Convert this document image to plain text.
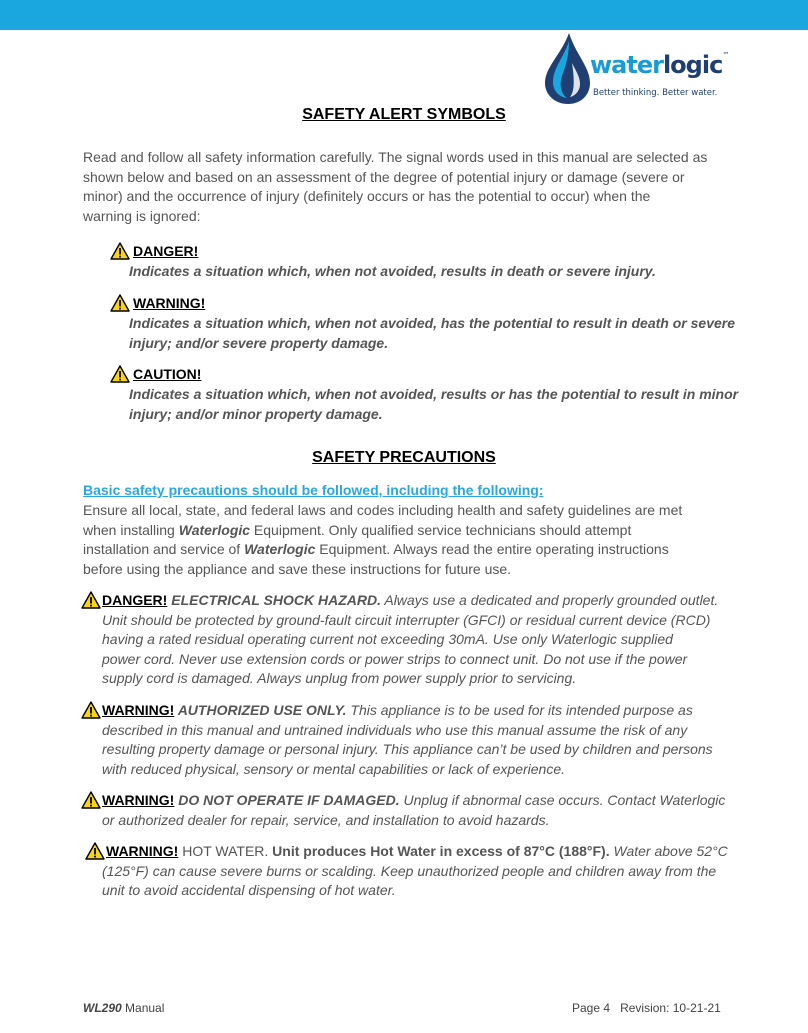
waterlogic™
Better thinking. Better water.
SAFETY ALERT SYMBOLS
Read and follow all safety information carefully. The signal words used in this manual are selected as
shown below and based on an assessment of the degree of potential injury or damage (severe or
minor) and the occurrence of injury (definitely occurs or has the potential to occur) when the
warning is ignored:
DANGER!
Indicates a situation which, when not avoided, results in death or severe injury.
WARNING!
Indicates a situation which, when not avoided, has the potential to result in death or severe
injury; and/or severe property damage.
CAUTION!
Indicates a situation which, when not avoided, results or has the potential to result in minor
injury; and/or minor property damage.
SAFETY PRECAUTIONS
Basic safety precautions should be followed, including the following:
Ensure all local, state, and federal laws and codes including health and safety guidelines are met
when installing Waterlogic Equipment. Only qualified service technicians should attempt
installation and service of Waterlogic Equipment. Always read the entire operating instructions
before using the appliance and save these instructions for future use.
DANGER! ELECTRICAL SHOCK HAZARD. Always use a dedicated and properly grounded outlet.
Unit should be protected by ground-fault circuit interrupter (GFCI) or residual current device (RCD)
having a rated residual operating current not exceeding 30mA. Use only Waterlogic supplied
power cord. Never use extension cords or power strips to connect unit. Do not use if the power
supply cord is damaged. Always unplug from power supply prior to servicing.
WARNING! AUTHORIZED USE ONLY. This appliance is to be used for its intended purpose as
described in this manual and untrained individuals who use this manual assume the risk of any
resulting property damage or personal injury. This appliance can’t be used by children and persons
with reduced physical, sensory or mental capabilities or lack of experience.
WARNING! DO NOT OPERATE IF DAMAGED. Unplug if abnormal case occurs. Contact Waterlogic
or authorized dealer for repair, service, and installation to avoid hazards.
WARNING! HOT WATER. Unit produces Hot Water in excess of 87°C (188°F). Water above 52°C
(125°F) can cause severe burns or scalding. Keep unauthorized people and children away from the
unit to avoid accidental dispensing of hot water.
WL290 Manual	Page 4 Revision: 10-21-21
